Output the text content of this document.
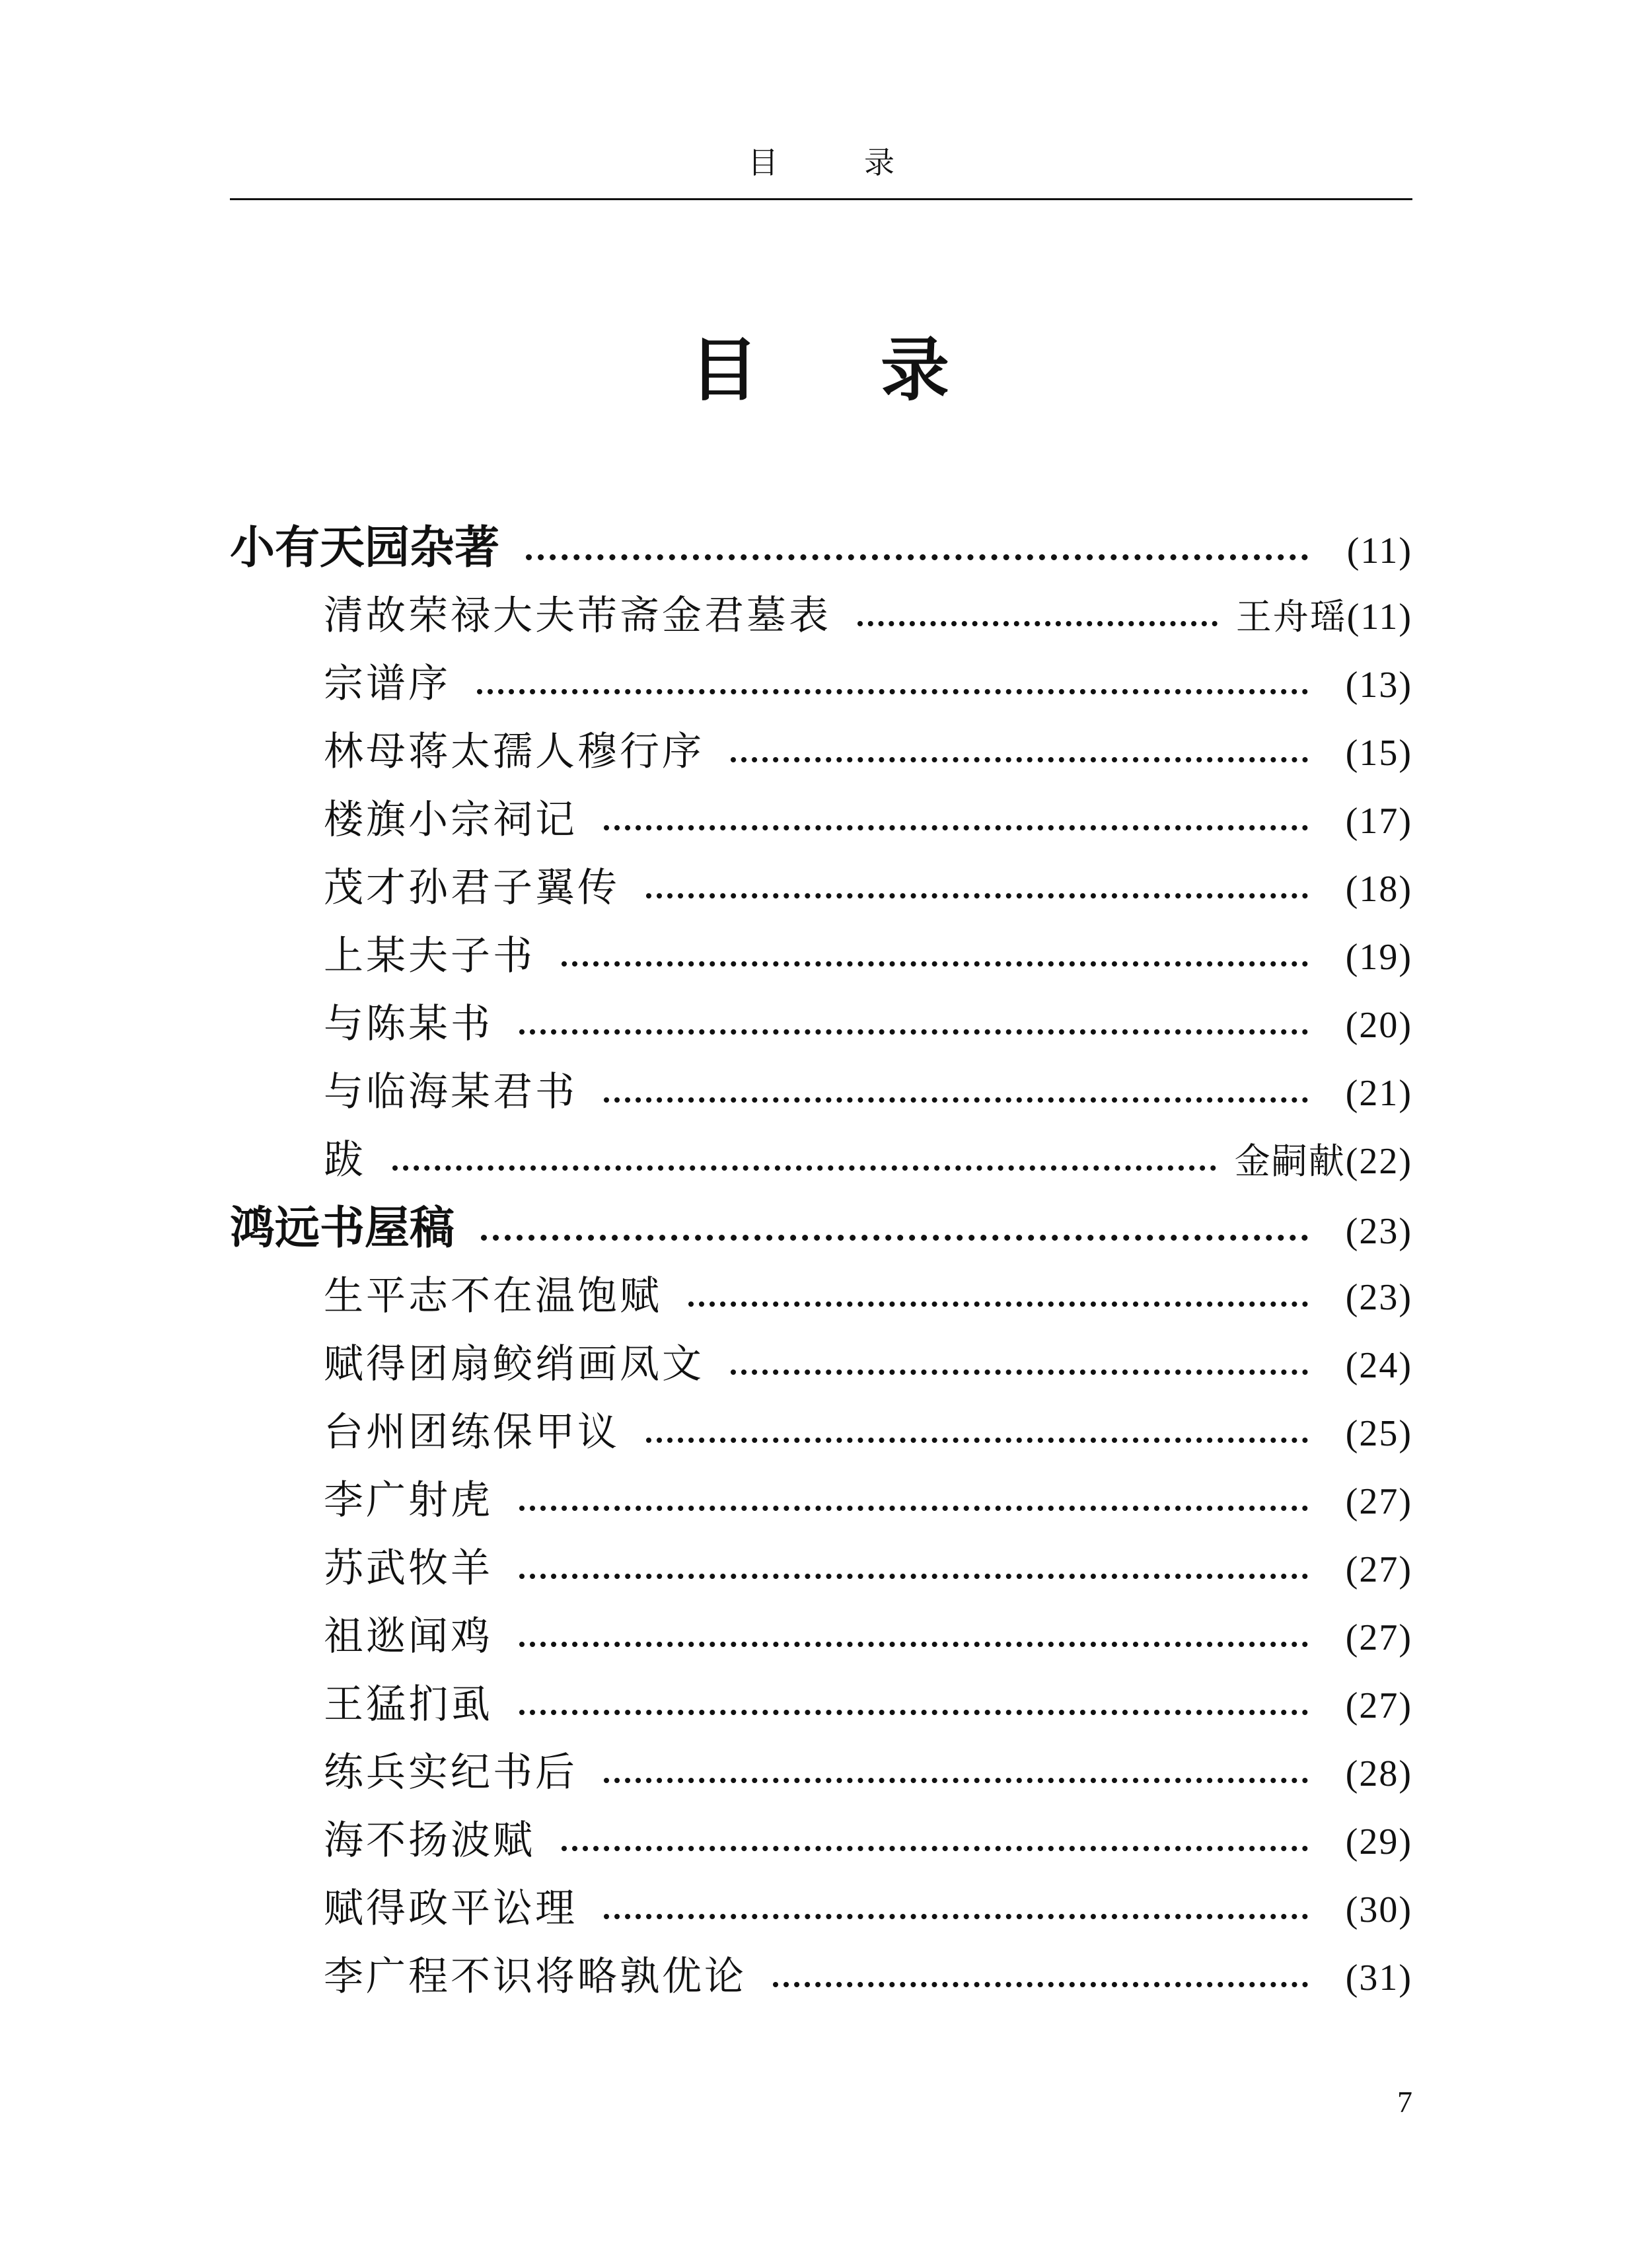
目	录
目 录
小有天园杂著	(11)
清故荣禄大夫芾斋金君墓表	王舟瑶 (11)
宗谱序	(13)
林母蒋太孺人穆行序	(15)
楼旗小宗祠记	(17)
茂才孙君子翼传	(18)
上某夫子书	(19)
与陈某书	(20)
与临海某君书	(21)
跋	金嗣献 (22)
鸿远书屋稿	(23)
生平志不在温饱赋	(23)
赋得团扇鲛绡画凤文	(24)
台州团练保甲议	(25)
李广射虎	(27)
苏武牧羊	(27)
祖逖闻鸡	(27)
王猛扪虱	(27)
练兵实纪书后	(28)
海不扬波赋	(29)
赋得政平讼理	(30)
李广程不识将略孰优论	(31)
7
